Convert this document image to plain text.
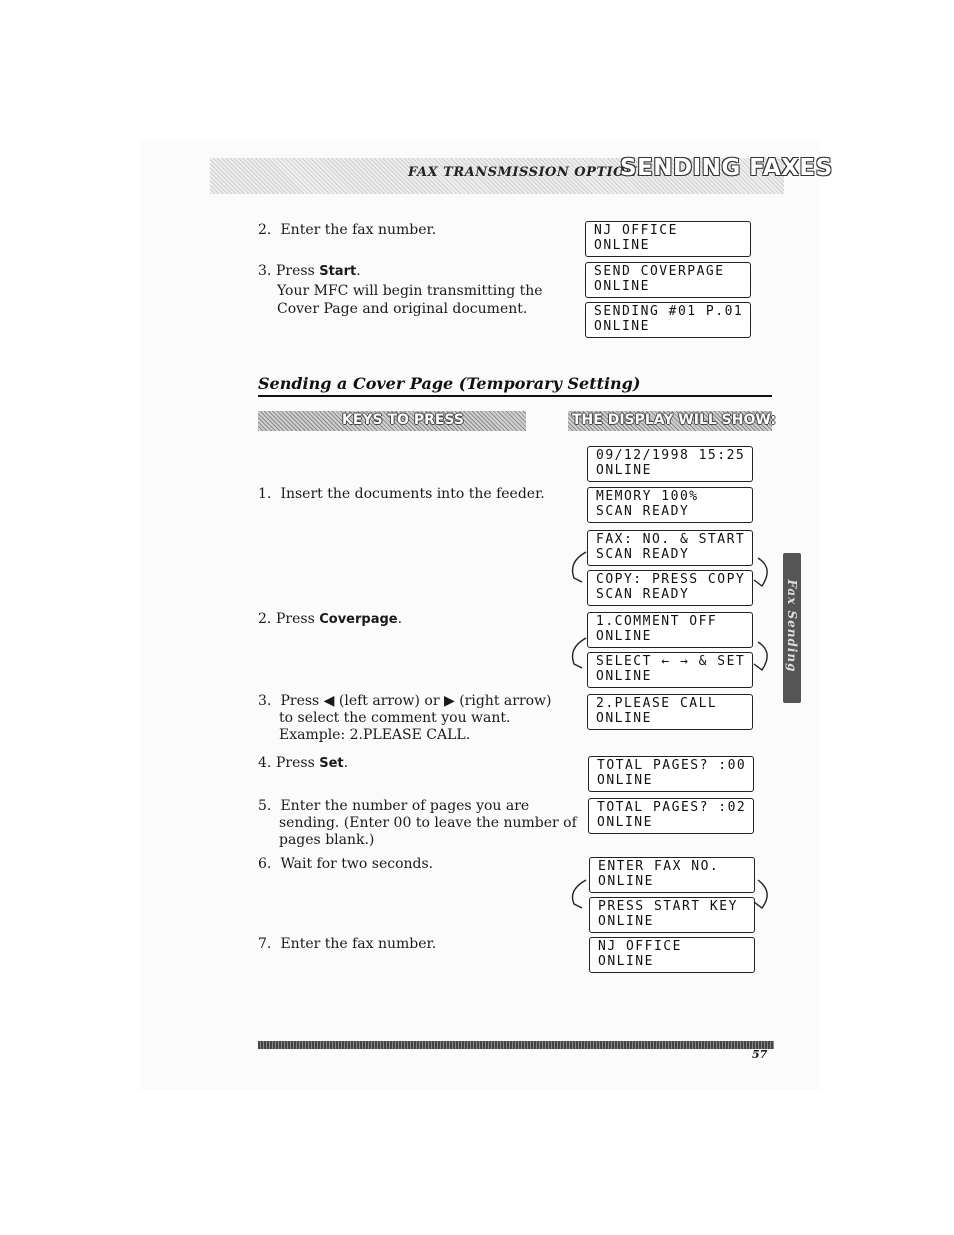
FAX TRANSMISSION OPTIONS
SENDING FAXES
2. Enter the fax number.
3. Press Start.
Your MFC will begin transmitting the
Cover Page and original document.
NJ OFFICE
ONLINE
SEND COVERPAGE
ONLINE
SENDING #01 P.01
ONLINE
Sending a Cover Page (Temporary Setting)
KEYS TO PRESS	THE DISPLAY WILL SHOW:
1. Insert the documents into the feeder.
2. Press Coverpage.
3. Press ◀ (left arrow) or ▶ (right arrow)
to select the comment you want.
Example: 2.PLEASE CALL.
4. Press Set.
5. Enter the number of pages you are
sending. (Enter 00 to leave the number of
pages blank.)
6. Wait for two seconds.
7. Enter the fax number.
09/12/1998 15:25
ONLINE
MEMORY 100%
SCAN READY
FAX: NO. & START
SCAN READY
COPY: PRESS COPY
SCAN READY
1.COMMENT OFF
ONLINE
SELECT ← → & SET
ONLINE
2.PLEASE CALL
ONLINE
TOTAL PAGES? :00
ONLINE
TOTAL PAGES? :02
ONLINE
ENTER FAX NO.
ONLINE
PRESS START KEY
ONLINE
NJ OFFICE
ONLINE
Fax Sending
57
